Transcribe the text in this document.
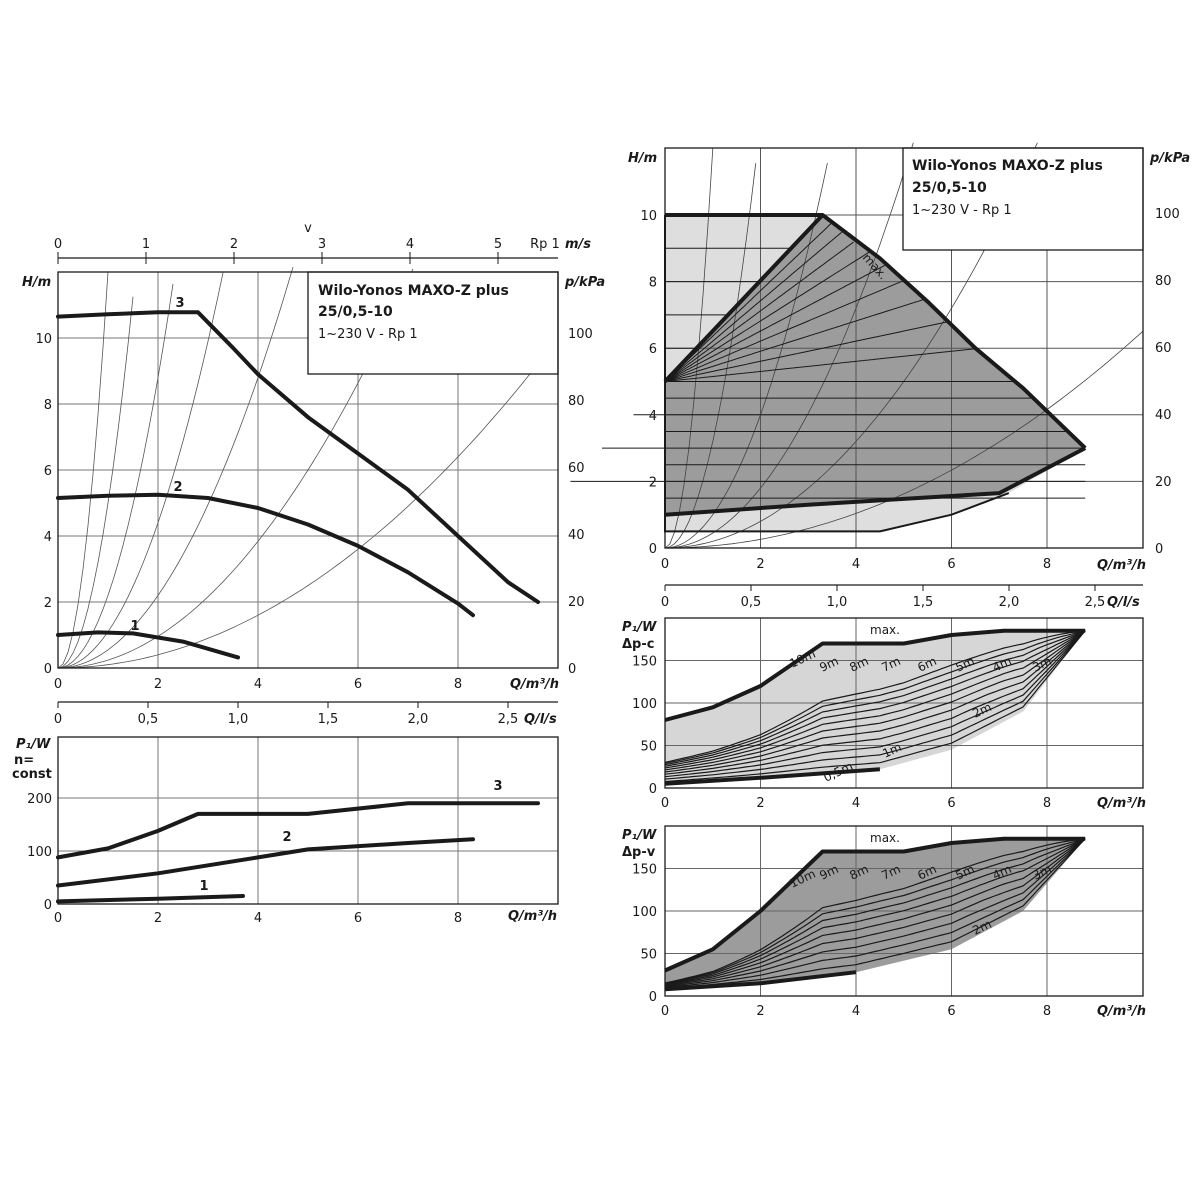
0	1	2	3	4	5
v
Rp 1 m/s
3
2
1
Wilo-Yonos MAXO-Z plus
25/0,5-10
1~230 V - Rp 1
0
2
4
6
8
10
H/m
0
20
40
60
80
100
p/kPa
0	2	4	6	8	Q/m³/h
0	0,5	1,0	1,5	2,0	2,5 Q/l/s
3
2
1
0
100
200
P₁/W
n=
const
0	2	4	6	8	Q/m³/h
max.
Wilo-Yonos MAXO-Z plus
25/0,5-10
1~230 V - Rp 1
0
2
4
6
8
10
H/m
0
20
40
60
80
100
p/kPa
0	2	4	6	8	Q/m³/h
0	0,5	1,0	1,5	2,0	2,5 Q/l/s
max.
10m 9m 8m 7m 6m 5m 4m 3m
2m
1m
0,5m
0
50
100
150
P₁/W
Δp-c
0	2	4	6	8	Q/m³/h
max.
10m 9m 8m 7m 6m 5m 4m 3m
2m
0
50
100
150
P₁/W
Δp-v
0	2	4	6	8	Q/m³/h
